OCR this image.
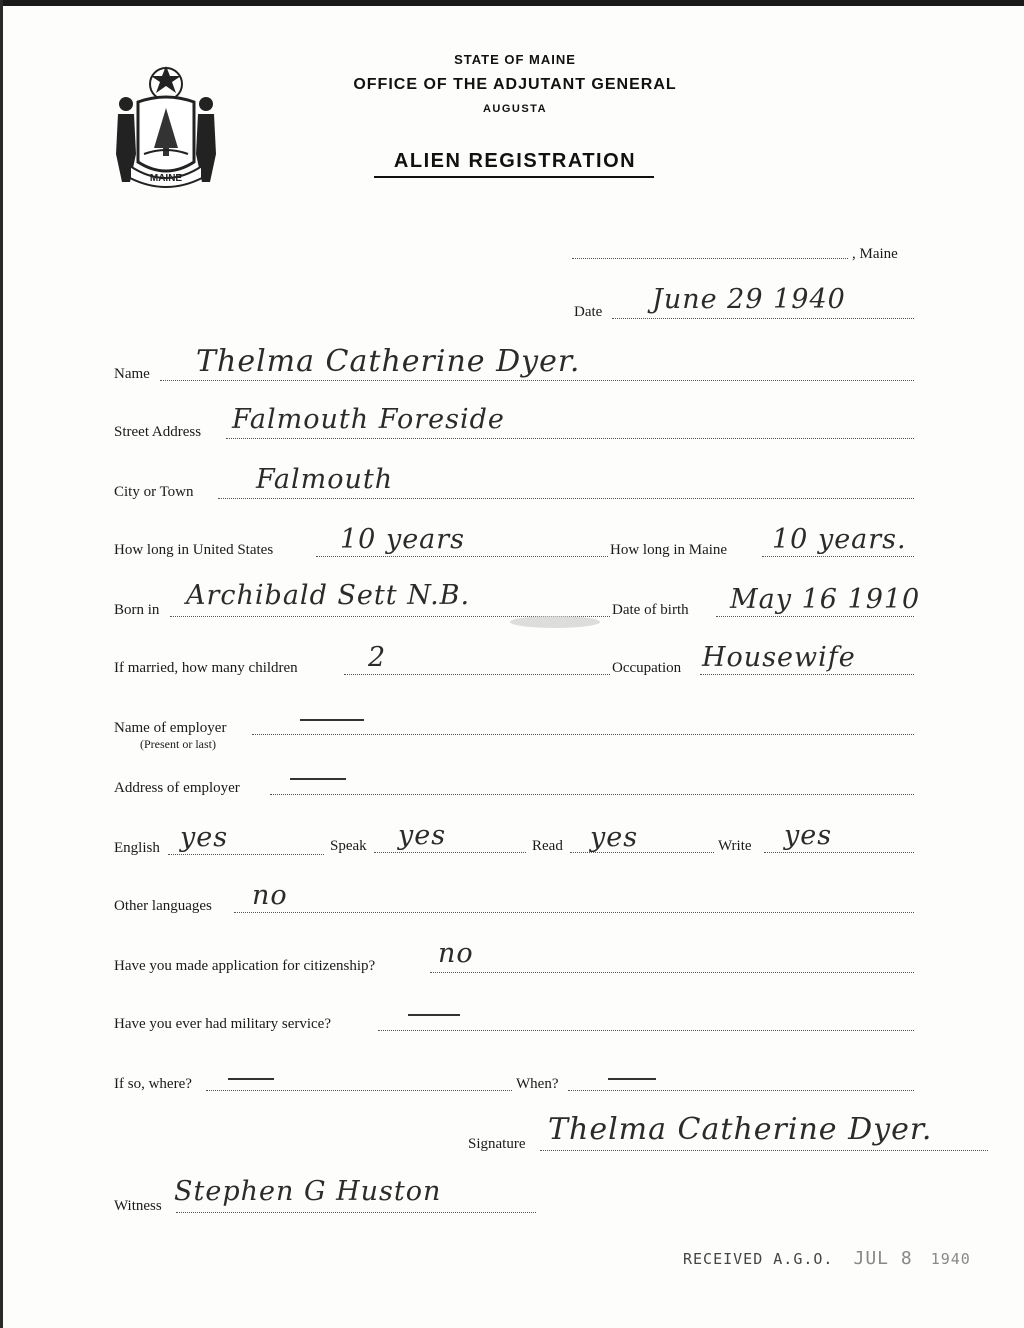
MAINE
STATE OF MAINE
OFFICE OF THE ADJUTANT GENERAL
AUGUSTA
ALIEN REGISTRATION
, Maine
Date June 29 1940
Name Thelma Catherine Dyer.
Street Address Falmouth Foreside
City or Town Falmouth
How long in United States 10 years	How long in Maine 10 years.
Born in Archibald Sett N.B.	Date of birth May 16 1910
If married, how many children	2	Occupation Housewife
Name of employer
(Present or last)
Address of employer
English yes	Speak yes	Read yes	Write yes
Other languages no
Have you made application for citizenship? no
Have you ever had military service?
If so, where?	When?
Signature Thelma Catherine Dyer.
Witness Stephen G Huston
RECEIVED A.G.O. JUL 8 1940
